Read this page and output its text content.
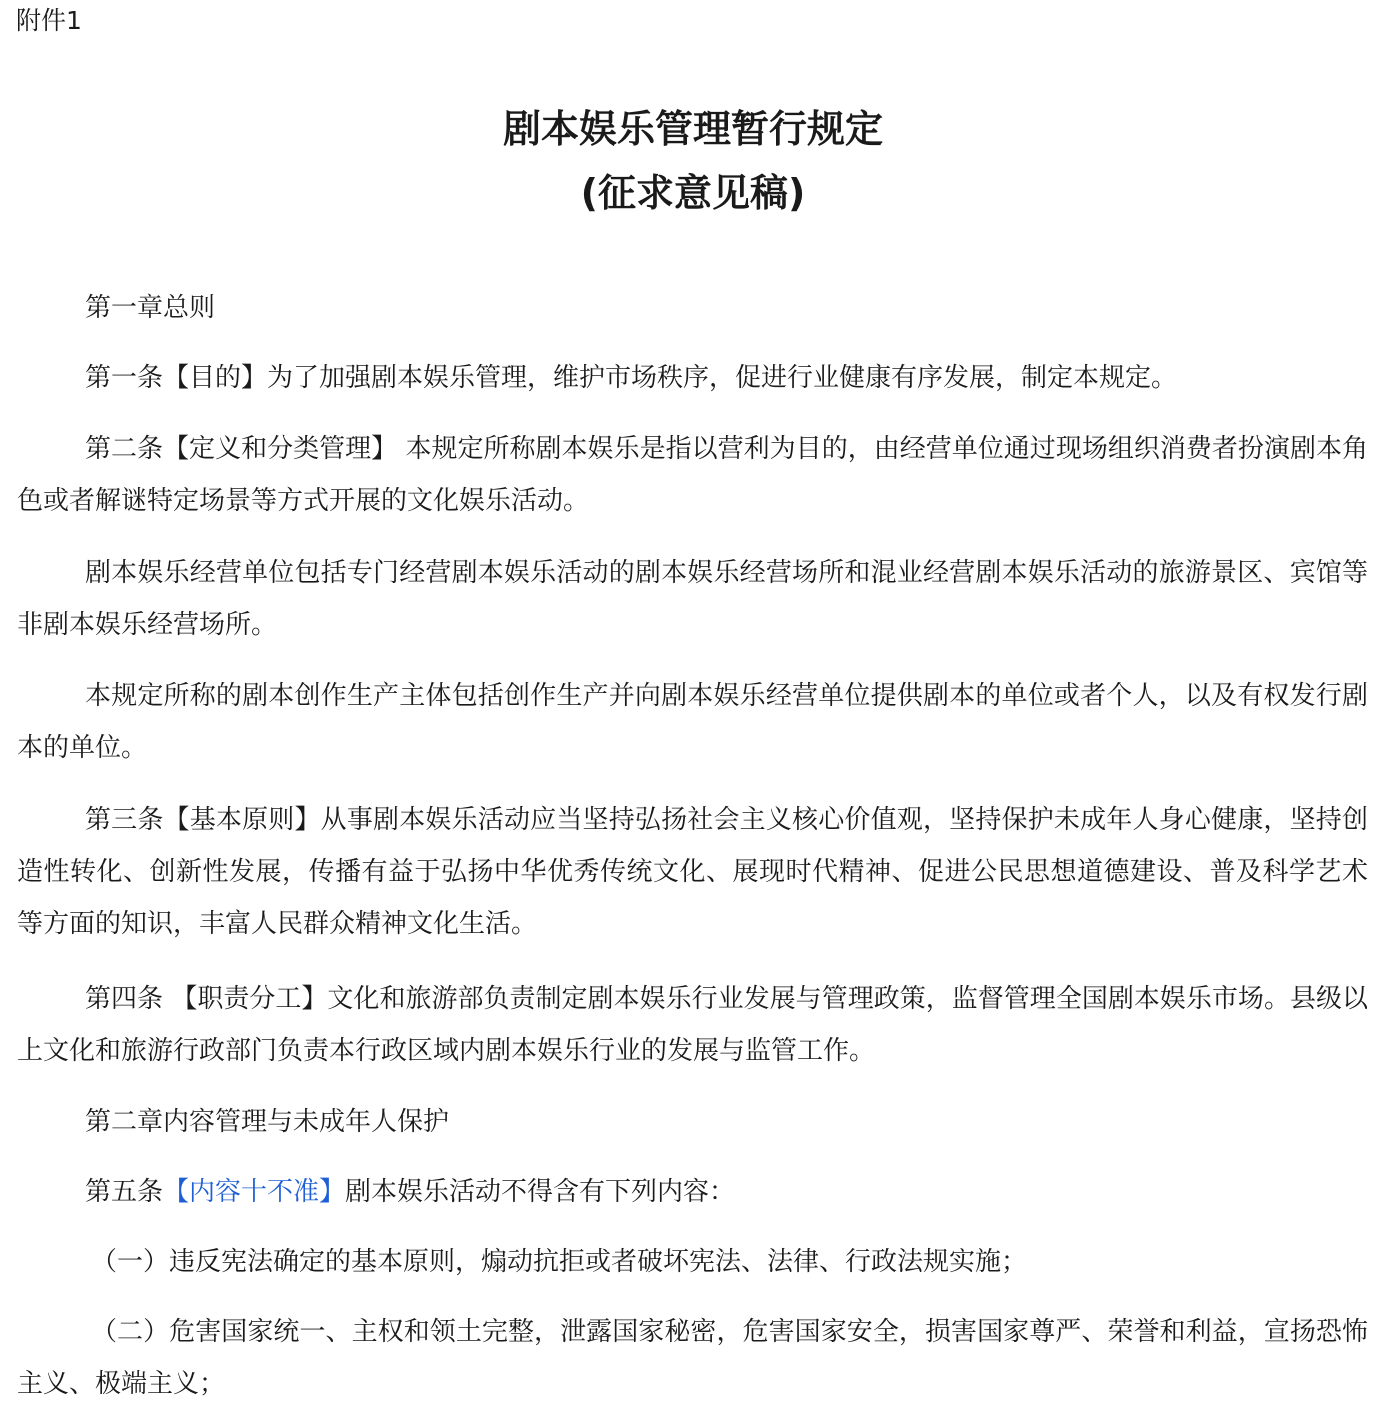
附件1
剧本娱乐管理暂行规定
(征求意见稿)
第一章总则
第一条【目的】为了加强剧本娱乐管理，维护市场秩序，促进行业健康有序发展，制定本规定。
第二条【定义和分类管理】 本规定所称剧本娱乐是指以营利为目的，由经营单位通过现场组织消费者扮演剧本角色或者解谜特定场景等方式开展的文化娱乐活动。
剧本娱乐经营单位包括专门经营剧本娱乐活动的剧本娱乐经营场所和混业经营剧本娱乐活动的旅游景区、宾馆等非剧本娱乐经营场所。
本规定所称的剧本创作生产主体包括创作生产并向剧本娱乐经营单位提供剧本的单位或者个人，以及有权发行剧本的单位。
第三条【基本原则】从事剧本娱乐活动应当坚持弘扬社会主义核心价值观，坚持保护未成年人身心健康，坚持创造性转化、创新性发展，传播有益于弘扬中华优秀传统文化、展现时代精神、促进公民思想道德建设、普及科学艺术等方面的知识，丰富人民群众精神文化生活。
第四条 【职责分工】文化和旅游部负责制定剧本娱乐行业发展与管理政策，监督管理全国剧本娱乐市场。县级以上文化和旅游行政部门负责本行政区域内剧本娱乐行业的发展与监管工作。
第二章内容管理与未成年人保护
第五条【内容十不准】剧本娱乐活动不得含有下列内容：
（一）违反宪法确定的基本原则，煽动抗拒或者破坏宪法、法律、行政法规实施；
（二）危害国家统一、主权和领土完整，泄露国家秘密，危害国家安全，损害国家尊严、荣誉和利益，宣扬恐怖主义、极端主义；
